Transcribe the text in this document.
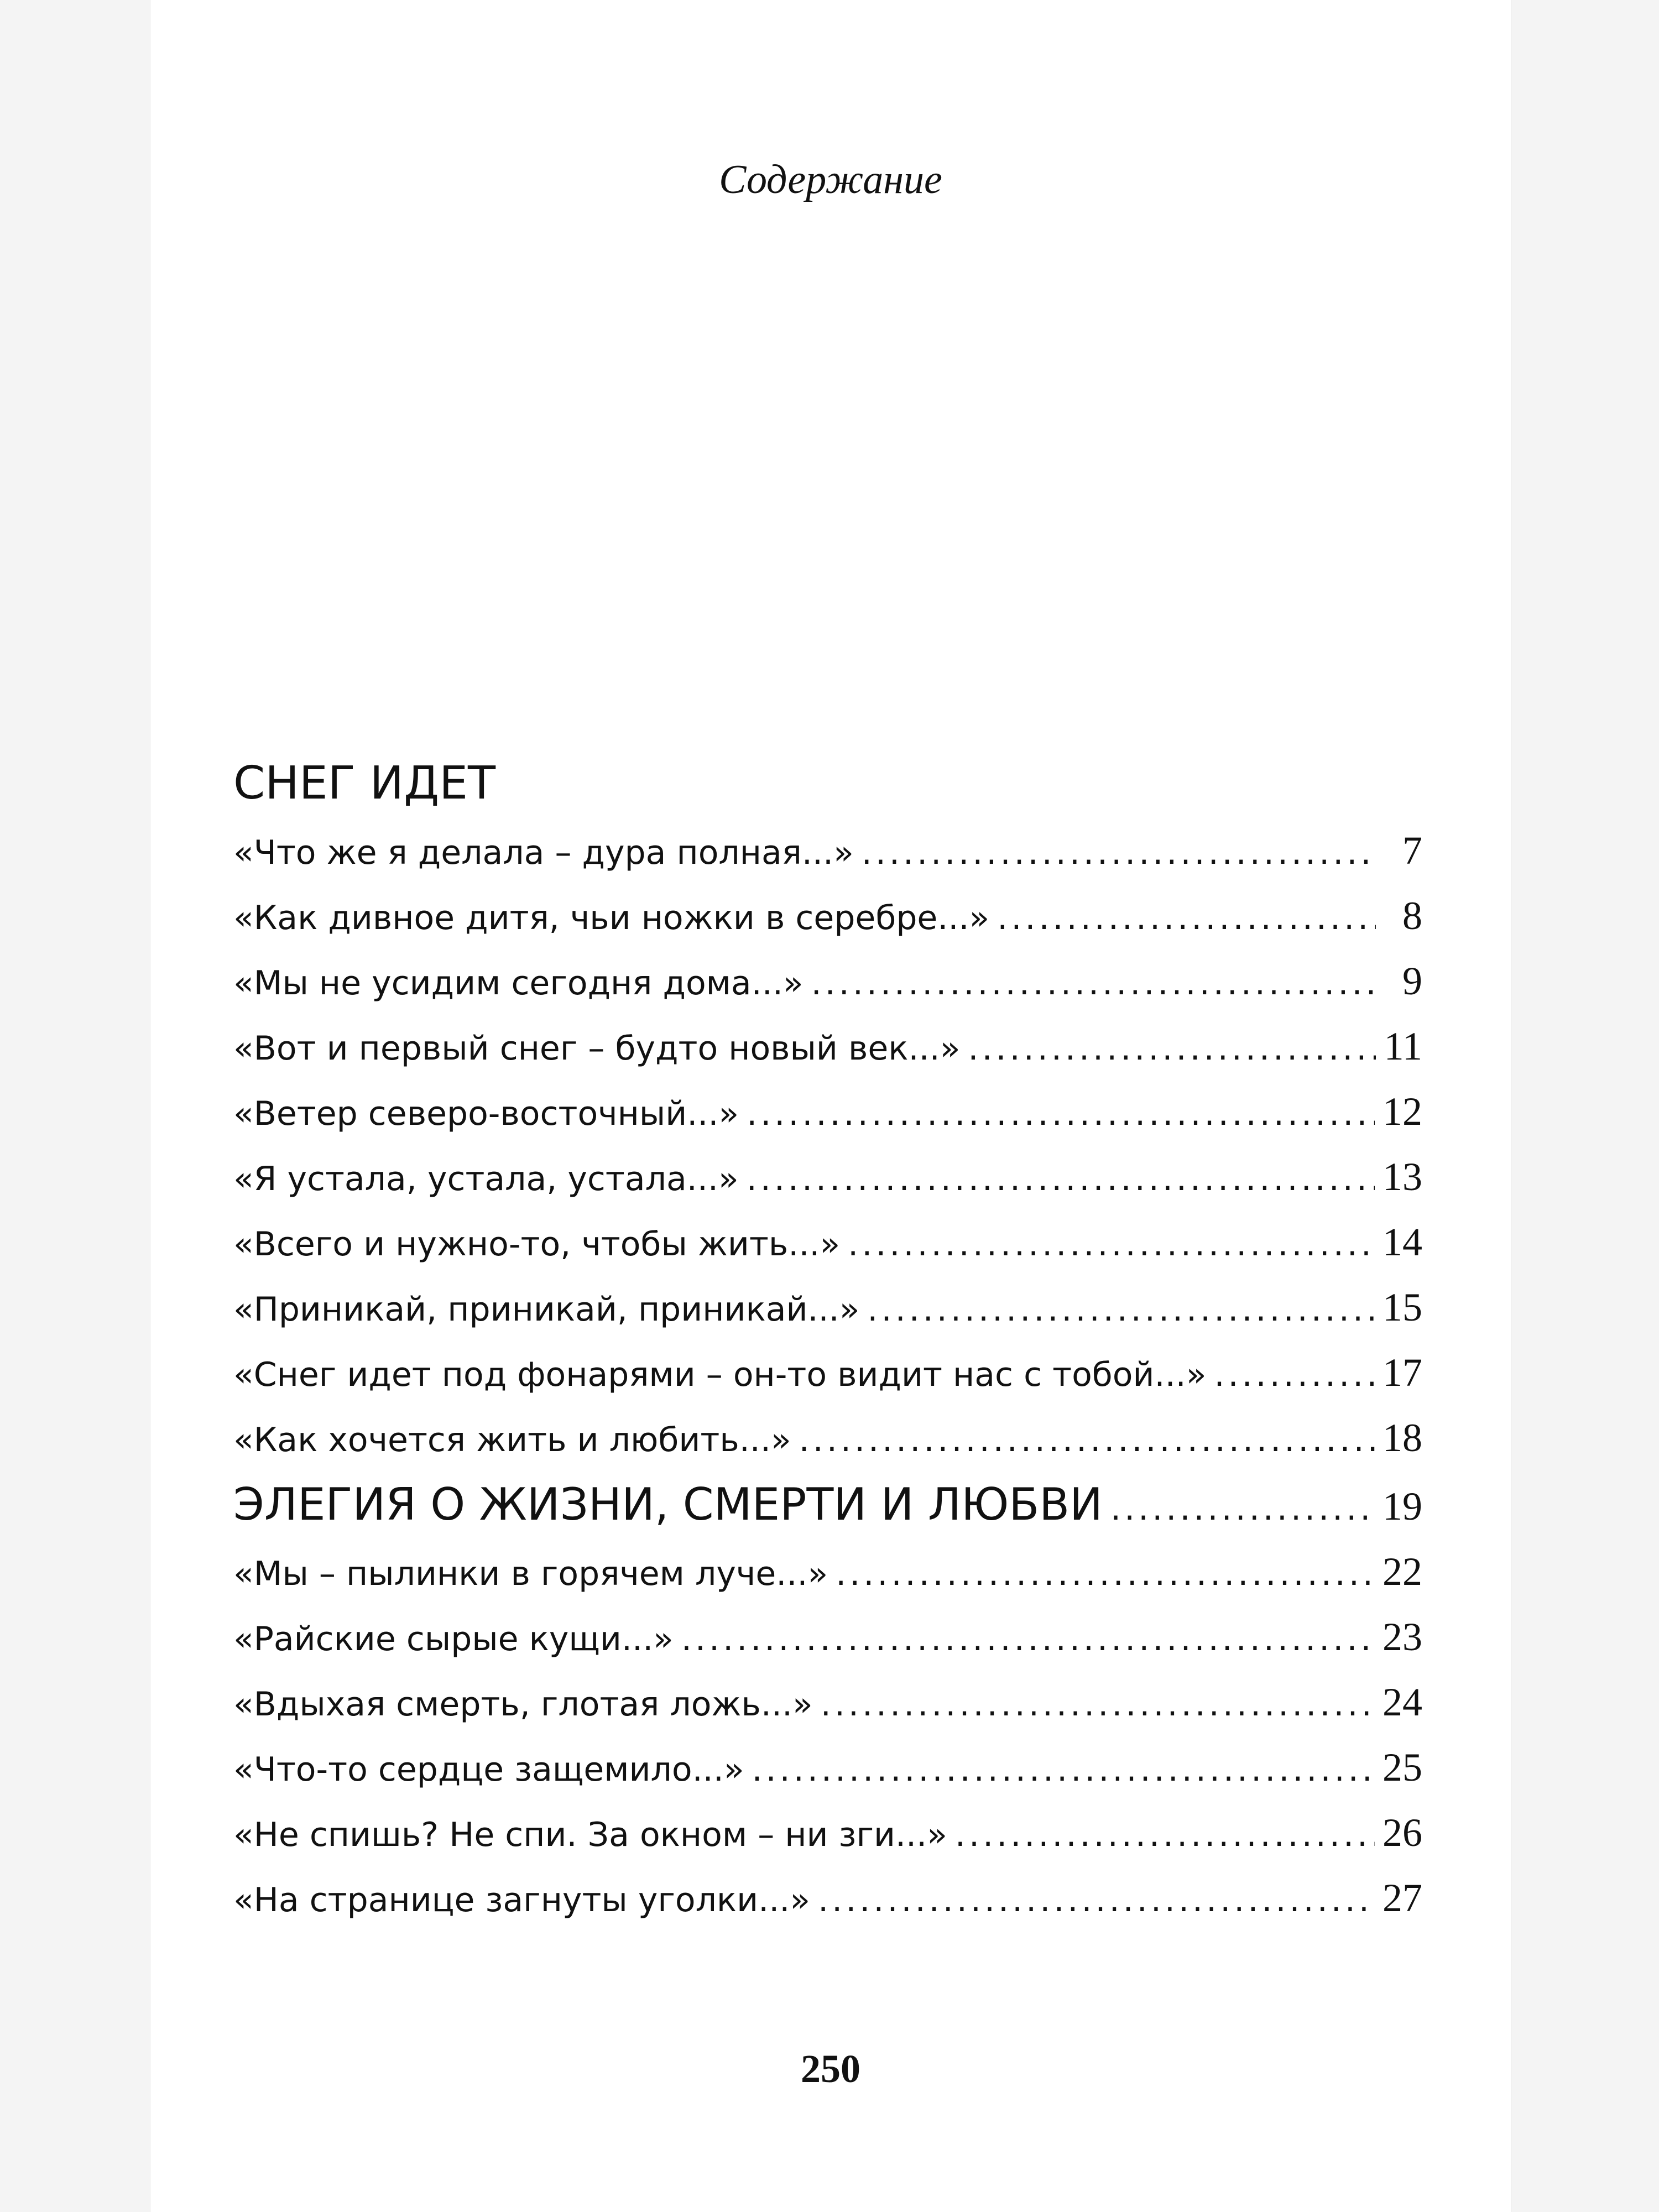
Содержание
СНЕГ ИДЕТ
«Что же я делала – дура полная...» .....	7
«Как дивное дитя, чьи ножки в серебре...» .....	8
«Мы не усидим сегодня дома...» .....	9
«Вот и первый снег – будто новый век...» .....	11
«Ветер северо-восточный...» .....	12
«Я устала, устала, устала...» .....	13
«Всего и нужно-то, чтобы жить...» .....	14
«Приникай, приникай, приникай...» .....	15
«Снег идет под фонарями – он-то видит нас с тобой...» .....	17
«Как хочется жить и любить...» .....	18
ЭЛЕГИЯ О ЖИЗНИ, СМЕРТИ И ЛЮБВИ .....	19
«Мы – пылинки в горячем луче...» .....	22
«Райские сырые кущи...» .....	23
«Вдыхая смерть, глотая ложь...» .....	24
«Что-то сердце защемило...» .....	25
«Не спишь? Не спи. За окном – ни зги...» .....	26
«На странице загнуты уголки...» .....	27
250
